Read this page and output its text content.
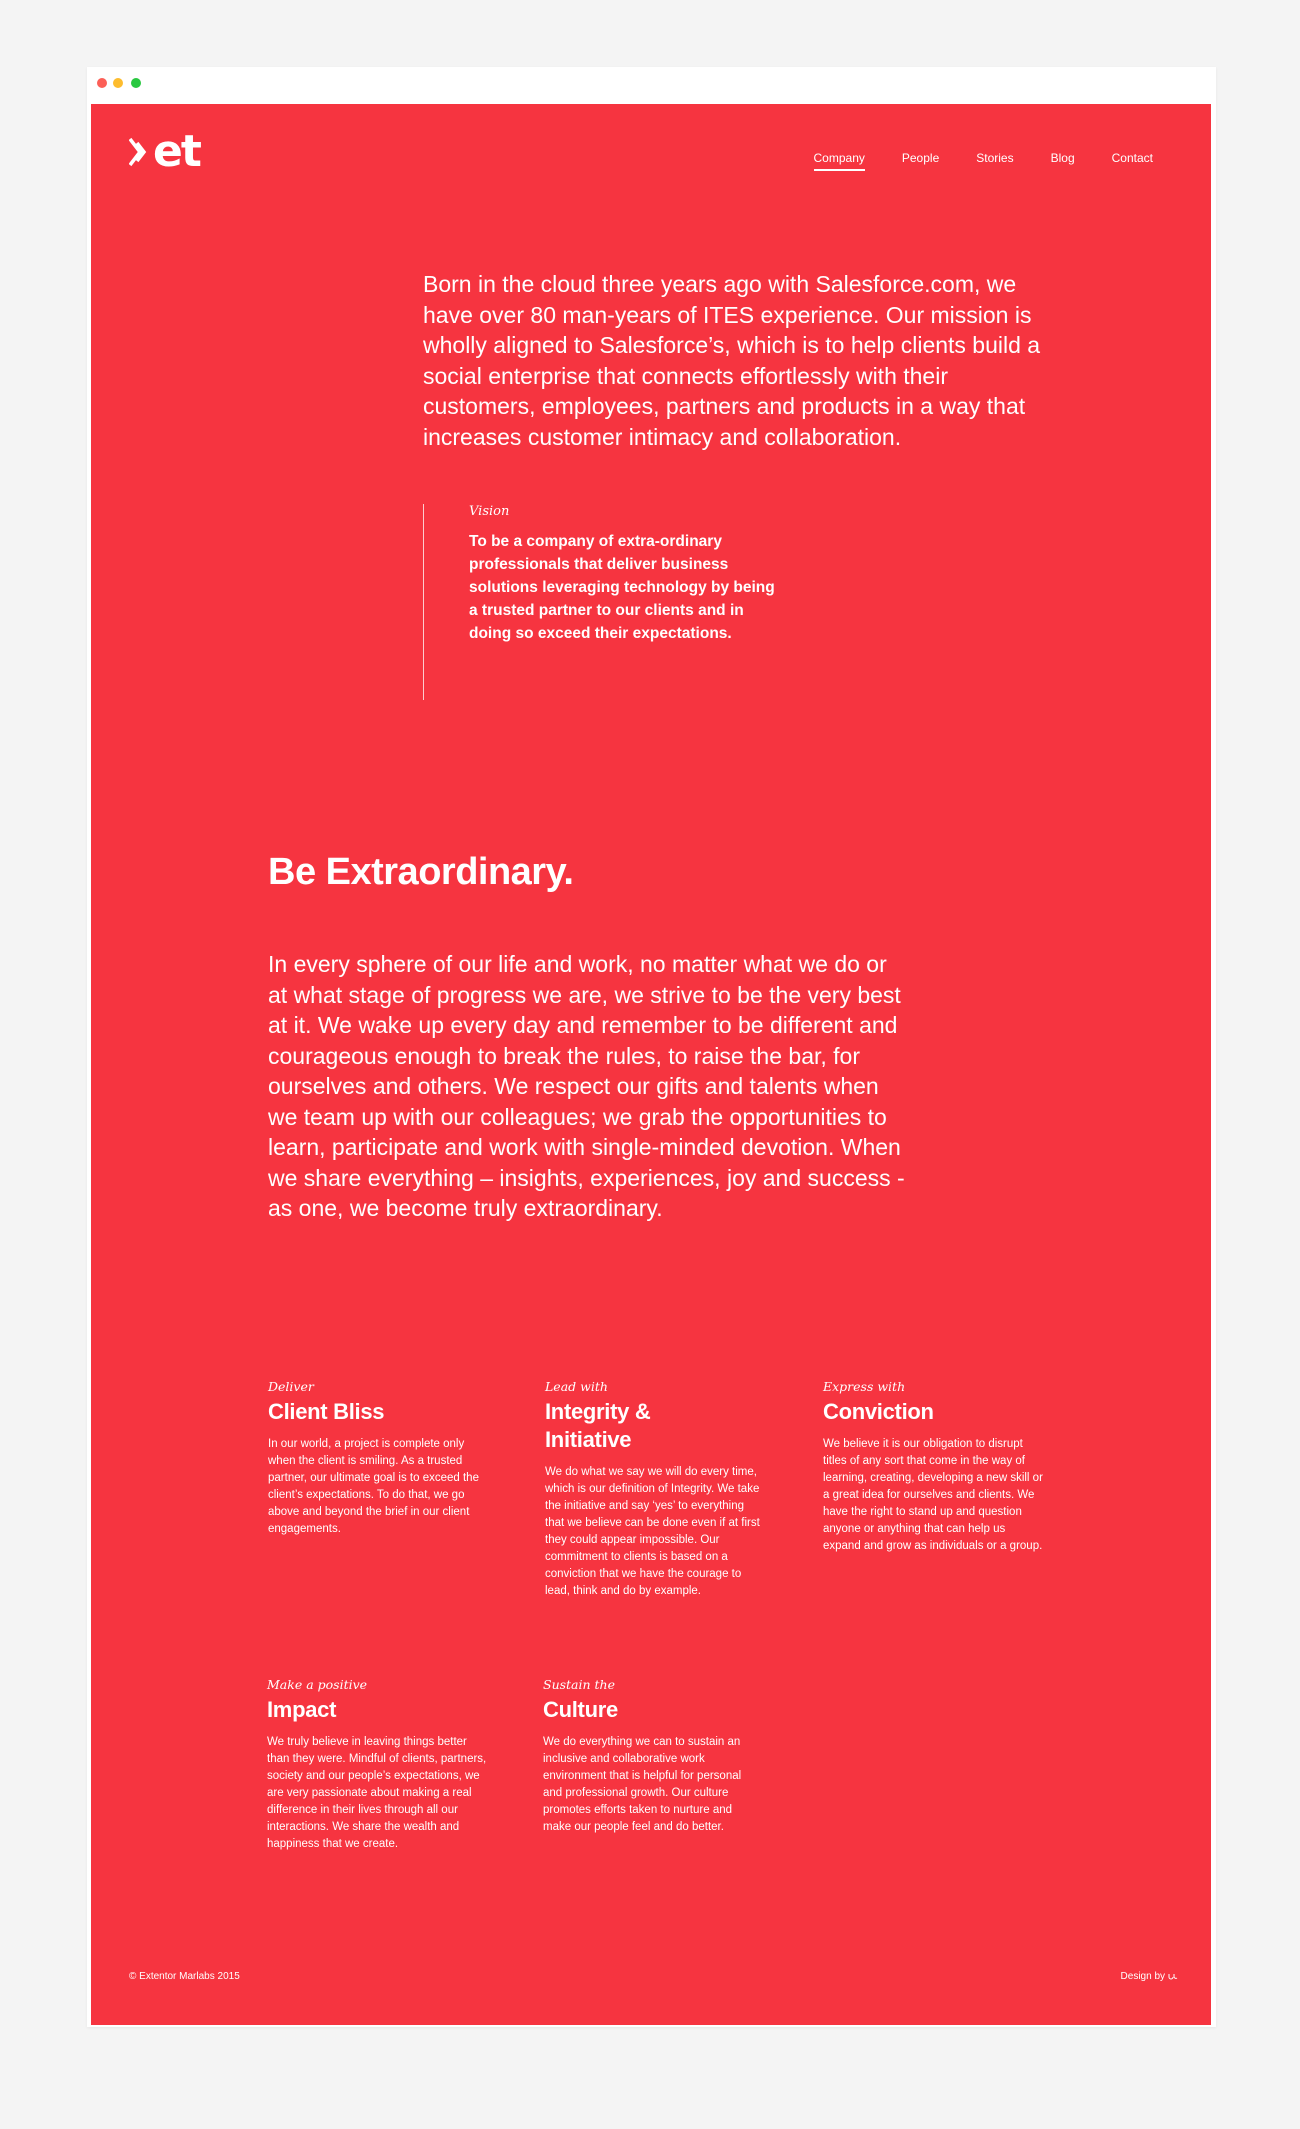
et	Company	People	Stories	Blog	Contact

Born in the cloud three years ago with Salesforce.com, we have over 80 man-years of ITES experience. Our mission is wholly aligned to Salesforce’s, which is to help clients build a social enterprise that connects effortlessly with their customers, employees, partners and products in a way that increases customer intimacy and collaboration.

Vision
To be a company of extra-ordinary professionals that deliver business solutions leveraging technology by being a trusted partner to our clients and in doing so exceed their expectations.
Be Extraordinary.

In every sphere of our life and work, no matter what we do or at what stage of progress we are, we strive to be the very best at it. We wake up every day and remember to be different and courageous enough to break the rules, to raise the bar, for ourselves and others. We respect our gifts and talents when we team up with our colleagues; we grab the opportunities to learn, participate and work with single-minded devotion. When we share everything – insights, experiences, joy and success - as one, we become truly extraordinary.

Deliver
Client Bliss
In our world, a project is complete only when the client is smiling. As a trusted partner, our ultimate goal is to exceed the client’s expectations. To do that, we go above and beyond the brief in our client engagements.
Lead with
Integrity & Initiative
We do what we say we will do every time, which is our definition of Integrity. We take the initiative and say ‘yes’ to everything that we believe can be done even if at first they could appear impossible. Our commitment to clients is based on a conviction that we have the courage to lead, think and do by example.
Express with
Conviction
We believe it is our obligation to disrupt titles of any sort that come in the way of learning, creating, developing a new skill or a great idea for ourselves and clients. We have the right to stand up and question anyone or anything that can help us expand and grow as individuals or a group.
Make a positive
Impact
We truly believe in leaving things better than they were. Mindful of clients, partners, society and our people’s expectations, we are very passionate about making a real difference in their lives through all our interactions. We share the wealth and happiness that we create.
Sustain the
Culture
We do everything we can to sustain an inclusive and collaborative work environment that is helpful for personal and professional growth. Our culture promotes efforts taken to nurture and make our people feel and do better.
© Extentor Marlabs 2015	Design by
